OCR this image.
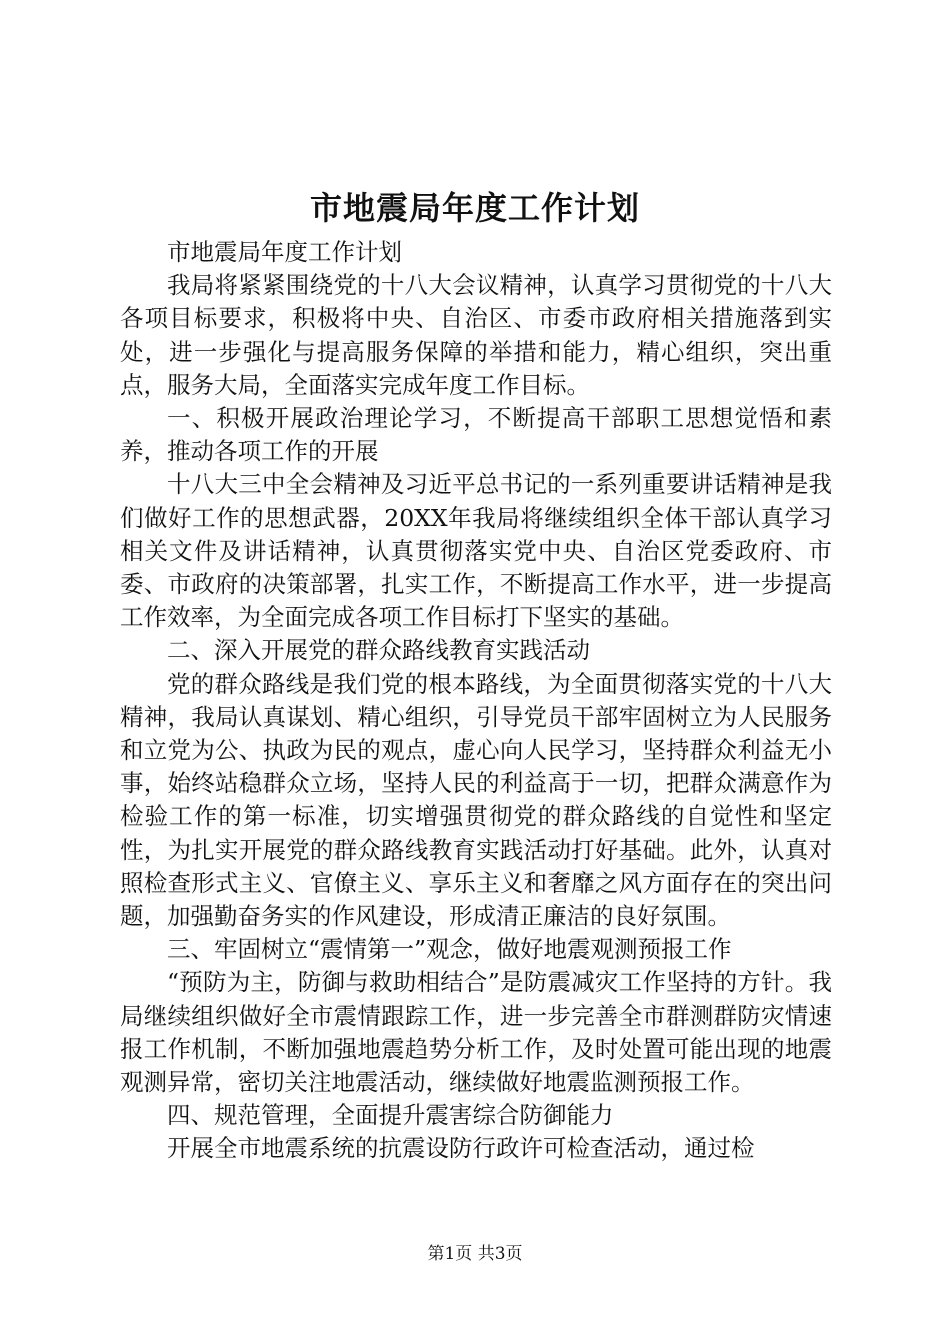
市地震局年度工作计划

市地震局年度工作计划

我局将紧紧围绕党的十八大会议精神，认真学习贯彻党的十八大各项目标要求，积极将中央、自治区、市委市政府相关措施落到实处，进一步强化与提高服务保障的举措和能力，精心组织，突出重点，服务大局，全面落实完成年度工作目标。

一、积极开展政治理论学习，不断提高干部职工思想觉悟和素养，推动各项工作的开展

十八大三中全会精神及习近平总书记的一系列重要讲话精神是我们做好工作的思想武器，20XX年我局将继续组织全体干部认真学习相关文件及讲话精神，认真贯彻落实党中央、自治区党委政府、市委、市政府的决策部署，扎实工作，不断提高工作水平，进一步提高工作效率，为全面完成各项工作目标打下坚实的基础。

二、深入开展党的群众路线教育实践活动

党的群众路线是我们党的根本路线，为全面贯彻落实党的十八大精神，我局认真谋划、精心组织，引导党员干部牢固树立为人民服务和立党为公、执政为民的观点，虚心向人民学习，坚持群众利益无小事，始终站稳群众立场，坚持人民的利益高于一切，把群众满意作为检验工作的第一标准，切实增强贯彻党的群众路线的自觉性和坚定性，为扎实开展党的群众路线教育实践活动打好基础。此外，认真对照检查形式主义、官僚主义、享乐主义和奢靡之风方面存在的突出问题，加强勤奋务实的作风建设，形成清正廉洁的良好氛围。

三、牢固树立“震情第一”观念，做好地震观测预报工作

“预防为主，防御与救助相结合”是防震减灾工作坚持的方针。我局继续组织做好全市震情跟踪工作，进一步完善全市群测群防灾情速报工作机制，不断加强地震趋势分析工作，及时处置可能出现的地震观测异常，密切关注地震活动，继续做好地震监测预报工作。

四、规范管理，全面提升震害综合防御能力

开展全市地震系统的抗震设防行政许可检查活动，通过检

第1页 共3页
